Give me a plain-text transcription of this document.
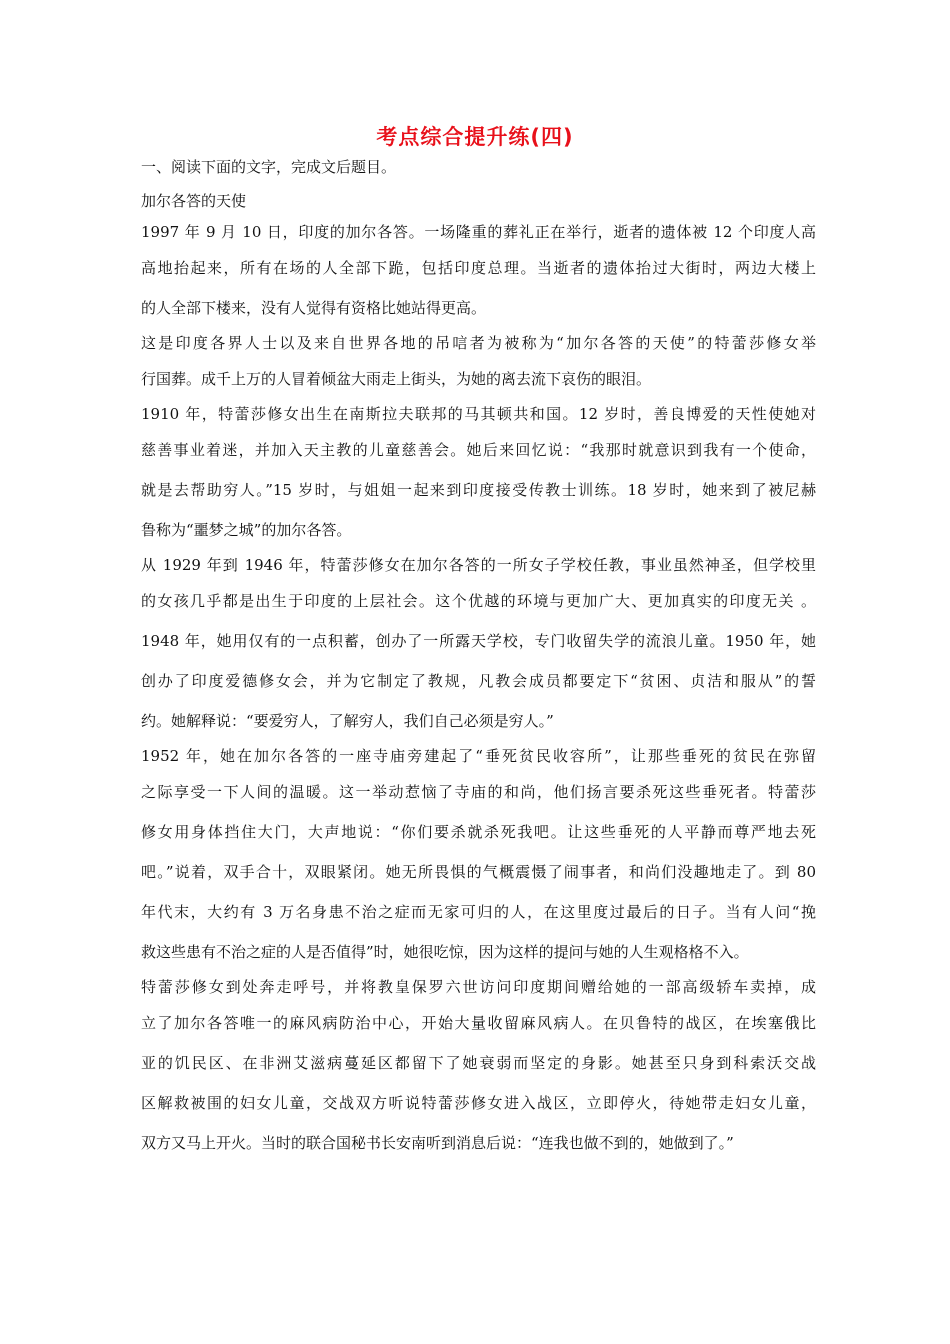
考点综合提升练(四)
一、阅读下面的文字，完成文后题目。
加尔各答的天使
1997 年 9 月 10 日，印度的加尔各答。一场隆重的葬礼正在举行，逝者的遗体被 12 个印度人高
高地抬起来，所有在场的人全部下跪，包括印度总理。当逝者的遗体抬过大街时，两边大楼上
的人全部下楼来，没有人觉得有资格比她站得更高。
这是印度各界人士以及来自世界各地的吊唁者为被称为“加尔各答的天使”的特蕾莎修女举
行国葬。成千上万的人冒着倾盆大雨走上街头，为她的离去流下哀伤的眼泪。
1910 年，特蕾莎修女出生在南斯拉夫联邦的马其顿共和国。12 岁时，善良博爱的天性使她对
慈善事业着迷，并加入天主教的儿童慈善会。她后来回忆说：“我那时就意识到我有一个使命，
就是去帮助穷人。”15 岁时，与姐姐一起来到印度接受传教士训练。18 岁时，她来到了被尼赫
鲁称为“噩梦之城”的加尔各答。
从 1929 年到 1946 年，特蕾莎修女在加尔各答的一所女子学校任教，事业虽然神圣，但学校里
的女孩几乎都是出生于印度的上层社会。这个优越的环境与更加广大、更加真实的印度无关 。
1948 年，她用仅有的一点积蓄，创办了一所露天学校，专门收留失学的流浪儿童。1950 年，她
创办了印度爱德修女会，并为它制定了教规，凡教会成员都要定下“贫困、贞洁和服从”的誓
约。她解释说：“要爱穷人，了解穷人，我们自己必须是穷人。”
1952 年，她在加尔各答的一座寺庙旁建起了“垂死贫民收容所”，让那些垂死的贫民在弥留
之际享受一下人间的温暖。这一举动惹恼了寺庙的和尚，他们扬言要杀死这些垂死者。特蕾莎
修女用身体挡住大门，大声地说：“你们要杀就杀死我吧。让这些垂死的人平静而尊严地去死
吧。”说着，双手合十，双眼紧闭。她无所畏惧的气概震慑了闹事者，和尚们没趣地走了。到 80
年代末，大约有 3 万名身患不治之症而无家可归的人，在这里度过最后的日子。当有人问“挽
救这些患有不治之症的人是否值得”时，她很吃惊，因为这样的提问与她的人生观格格不入。
特蕾莎修女到处奔走呼号，并将教皇保罗六世访问印度期间赠给她的一部高级轿车卖掉，成
立了加尔各答唯一的麻风病防治中心，开始大量收留麻风病人。在贝鲁特的战区，在埃塞俄比
亚的饥民区、在非洲艾滋病蔓延区都留下了她衰弱而坚定的身影。她甚至只身到科索沃交战
区解救被围的妇女儿童，交战双方听说特蕾莎修女进入战区，立即停火，待她带走妇女儿童，
双方又马上开火。当时的联合国秘书长安南听到消息后说：“连我也做不到的，她做到了。”
